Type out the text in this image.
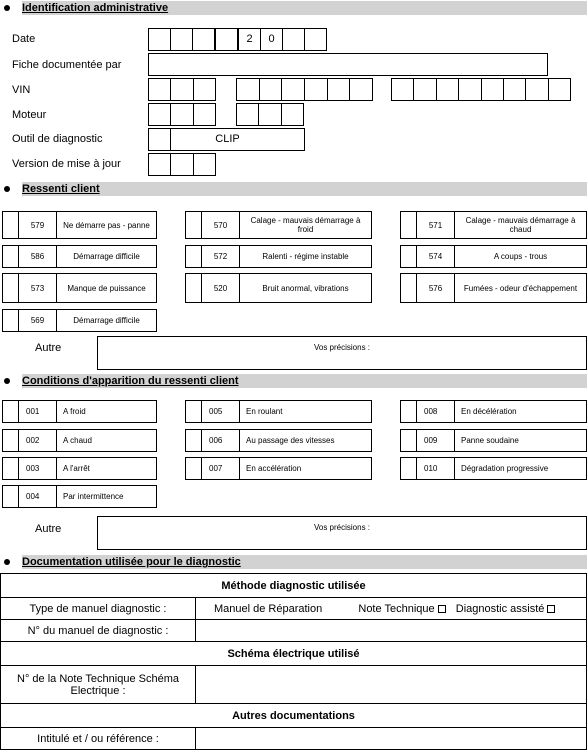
Identification administrative
Date	2	0
Fiche documentée par
VIN
Moteur
Outil de diagnostic	CLIP
Version de mise à jour
Ressenti client
579	Ne démarre pas - panne	570	Calage - mauvais démarrage à froid	571	Calage - mauvais démarrage à chaud
586	Démarrage difficile	572	Ralenti - régime instable	574	A coups - trous
573	Manque de puissance	520	Bruit anormal, vibrations	576	Fumées - odeur d'échappement
569	Démarrage difficile
Autre	Vos précisions :
Conditions d'apparition du ressenti client
001	A froid	005	En roulant	008	En décélération
002	A chaud	006	Au passage des vitesses	009	Panne soudaine
003	A l'arrêt	007	En accélération	010	Dégradation progressive
004	Par intermittence
Autre	Vos précisions :
Documentation utilisée pour le diagnostic
Méthode diagnostic utilisée	
Type de manuel diagnostic :	Manuel de Réparation Note Technique Diagnostic assisté
N° du manuel de diagnostic :	
Schéma électrique utilisé	
N° de la Note Technique Schéma Electrique :	
Autres documentations	
Intitulé et / ou référence :	
